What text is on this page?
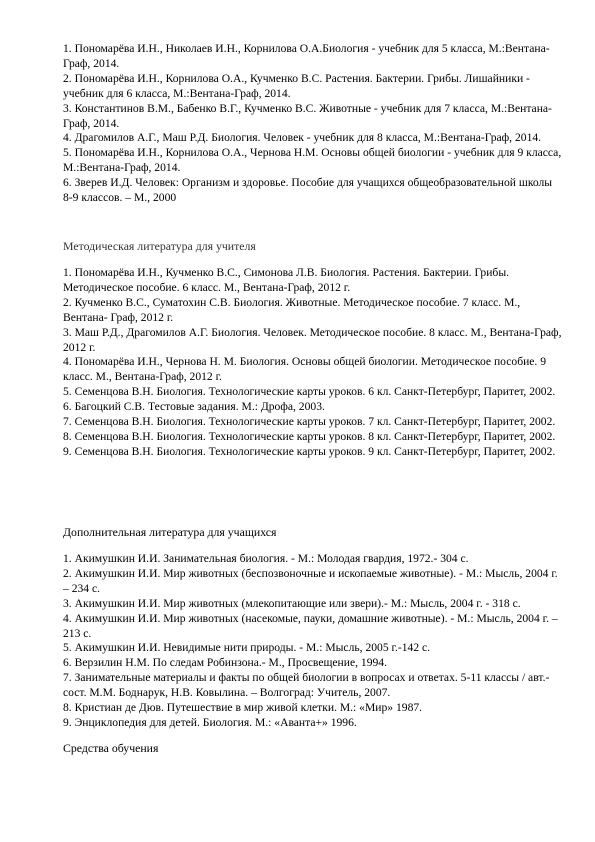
1. Пономарёва И.Н., Николаев И.Н., Корнилова О.А.Биология - учебник для 5 класса, М.:Вентана-Граф, 2014.

2. Пономарёва И.Н., Корнилова О.А., Кучменко В.С. Растения. Бактерии. Грибы. Лишайники - учебник для 6 класса, М.:Вентана-Граф, 2014.

3. Константинов В.М., Бабенко В.Г., Кучменко В.С. Животные - учебник для 7 класса, М.:Вентана- Граф, 2014.

4. Драгомилов А.Г., Маш Р.Д. Биология. Человек - учебник для 8 класса, М.:Вентана-Граф, 2014.

5. Пономарёва И.Н., Корнилова О.А., Чернова Н.М. Основы общей биологии - учебник для 9 класса, М.:Вентана-Граф, 2014.

6. Зверев И.Д. Человек: Организм и здоровье. Пособие для учащихся общеобразовательной школы 8-9 классов. – М., 2000

Методическая литература для учителя

1. Пономарёва И.Н., Кучменко В.С., Симонова Л.В. Биология. Растения. Бактерии. Грибы. Методическое пособие. 6 класс. М., Вентана-Граф, 2012 г.

2. Кучменко В.С., Суматохин С.В. Биология. Животные. Методическое пособие. 7 класс. М., Вентана- Граф, 2012 г.

3. Маш Р.Д., Драгомилов А.Г. Биология. Человек. Методическое пособие. 8 класс. М., Вентана-Граф, 2012 г.

4. Пономарёва И.Н., Чернова Н. М. Биология. Основы общей биологии. Методическое пособие. 9 класс. М., Вентана-Граф, 2012 г.

5. Семенцова В.Н. Биология. Технологические карты уроков. 6 кл. Санкт-Петербург, Паритет, 2002.

6. Багоцкий С.В. Тестовые задания. М.: Дрофа, 2003.

7. Семенцова В.Н. Биология. Технологические карты уроков. 7 кл. Санкт-Петербург, Паритет, 2002.

8. Семенцова В.Н. Биология. Технологические карты уроков. 8 кл. Санкт-Петербург, Паритет, 2002.

9. Семенцова В.Н. Биология. Технологические карты уроков. 9 кл. Санкт-Петербург, Паритет, 2002.

Дополнительная литература для учащихся

1. Акимушкин И.И. Занимательная биология. - М.: Молодая гвардия, 1972.- 304 с.

2. Акимушкин И.И. Мир животных (беспозвоночные и ископаемые животные). - М.: Мысль, 2004 г. – 234 с.

3. Акимушкин И.И. Мир животных (млекопитающие или звери).- М.: Мысль, 2004 г. - 318 с.

4. Акимушкин И.И. Мир животных (насекомые, пауки, домашние животные). - М.: Мысль, 2004 г. – 213 с.

5. Акимушкин И.И. Невидимые нити природы. - М.: Мысль, 2005 г.-142 с.

6. Верзилин Н.М. По следам Робинзона.- М., Просвещение, 1994.

7. Занимательные материалы и факты по общей биологии в вопросах и ответах. 5-11 классы / авт.-сост. М.М. Боднарук, Н.В. Ковылина. – Волгоград: Учитель, 2007.

8. Кристиан де Дюв. Путешествие в мир живой клетки. М.: «Мир» 1987.

9. Энциклопедия для детей. Биология. М.: «Аванта+» 1996.

Средства обучения
